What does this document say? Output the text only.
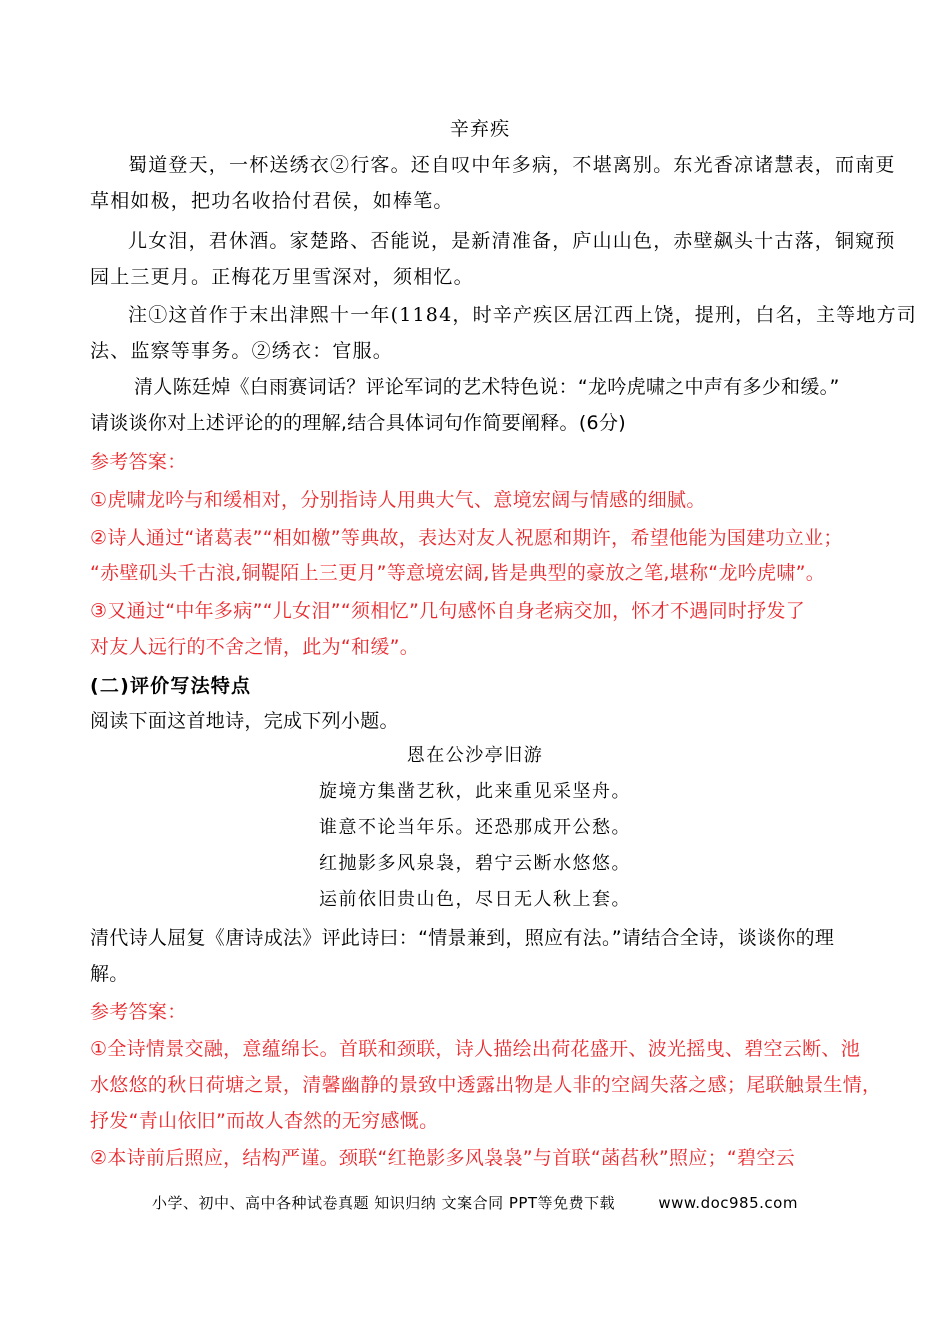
辛弃疾
蜀道登天，一杯送绣衣②行客。还自叹中年多病，不堪离别。东光香凉诸慧表，而南更
草相如极，把功名收拾付君侯，如棒笔。
儿女泪，君休酒。家楚路、否能说，是新清准备，庐山山色，赤壁飙头十古落，铜窥预
园上三更月。正梅花万里雪深对，须相忆。
注①这首作于末出津熙十一年(1184，时辛产疾区居江西上饶，提刑，白名，主等地方司
法、监察等事务。②绣衣：官服。
清人陈廷焯《白雨赛词话？评论军词的艺术特色说：“龙吟虎啸之中声有多少和缓。”
请谈谈你对上述评论的的理解,结合具体词句作简要阐释。(6分)
参考答案：
①虎啸龙吟与和缓相对，分别指诗人用典大气、意境宏阔与情感的细腻。
②诗人通过“诸葛表”“相如檄”等典故，表达对友人祝愿和期许，希望他能为国建功立业；
“赤壁矶头千古浪,铜鞮陌上三更月”等意境宏阔,皆是典型的豪放之笔,堪称“龙吟虎啸”。
③又通过“中年多病”“儿女泪”“须相忆”几句感怀自身老病交加，怀才不遇同时抒发了
对友人远行的不舍之情，此为“和缓”。
(二)评价写法特点
阅读下面这首地诗，完成下列小题。
恩在公沙亭旧游
旋境方集凿艺秋，此来重见采坚舟。
谁意不论当年乐。还恐那成开公愁。
红抛影多风泉袅，碧宁云断水悠悠。
运前依旧贵山色，尽日无人秋上套。
清代诗人屈复《唐诗成法》评此诗曰：“情景兼到，照应有法。”请结合全诗，谈谈你的理
解。
参考答案：
①全诗情景交融，意蕴绵长。首联和颈联，诗人描绘出荷花盛开、波光摇曳、碧空云断、池
水悠悠的秋日荷塘之景，清馨幽静的景致中透露出物是人非的空阔失落之感；尾联触景生情，
抒发“青山依旧”而故人杳然的无穷感慨。
②本诗前后照应，结构严谨。颈联“红艳影多风袅袅”与首联“菡萏秋”照应；“碧空云
小学、初中、高中各种试卷真题 知识归纳 文案合同 PPT等免费下载	www.doc985.com
